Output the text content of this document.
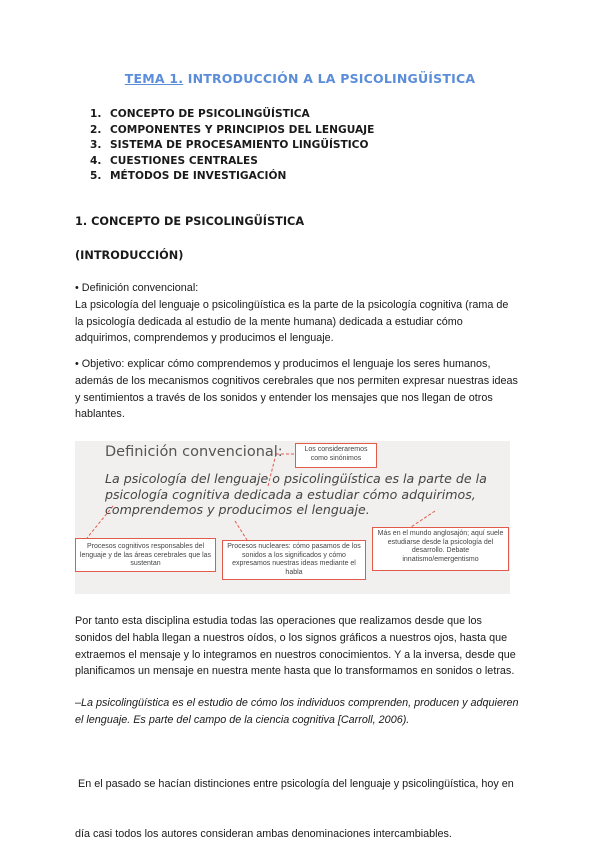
TEMA 1. INTRODUCCIÓN A LA PSICOLINGÜÍSTICA
1. CONCEPTO DE PSICOLINGÜÍSTICA
2. COMPONENTES Y PRINCIPIOS DEL LENGUAJE
3. SISTEMA DE PROCESAMIENTO LINGÜÍSTICO
4. CUESTIONES CENTRALES
5. MÉTODOS DE INVESTIGACIÓN
1. CONCEPTO DE PSICOLINGÜÍSTICA
(INTRODUCCIÓN)
• Definición convencional:
La psicología del lenguaje o psicolingüística es la parte de la psicología cognitiva (rama de
la psicología dedicada al estudio de la mente humana) dedicada a estudiar cómo
adquirimos, comprendemos y producimos el lenguaje.
• Objetivo: explicar cómo comprendemos y producimos el lenguaje los seres humanos,
además de los mecanismos cognitivos cerebrales que nos permiten expresar nuestras ideas
y sentimientos a través de los sonidos y entender los mensajes que nos llegan de otros
hablantes.
Definición convencional:
La psicología del lenguaje o psicolingüística es la parte de la psicología cognitiva dedicada a estudiar cómo adquirimos, comprendemos y producimos el lenguaje.
Los consideraremos como sinónimos
Procesos cognitivos responsables del lenguaje y de las áreas cerebrales que las sustentan
Procesos nucleares: cómo pasamos de los sonidos a los significados y cómo expresamos nuestras ideas mediante el habla
Más en el mundo anglosajón; aquí suele estudiarse desde la psicología del desarrollo. Debate innatismo/emergentismo
Por tanto esta disciplina estudia todas las operaciones que realizamos desde que los
sonidos del habla llegan a nuestros oídos, o los signos gráficos a nuestros ojos, hasta que
extraemos el mensaje y lo integramos en nuestros conocimientos. Y a la inversa, desde que
planificamos un mensaje en nuestra mente hasta que lo transformamos en sonidos o letras.
–La psicolingüística es el estudio de cómo los individuos comprenden, producen y adquieren
el lenguaje. Es parte del campo de la ciencia cognitiva [Carroll, 2006).

En el pasado se hacían distinciones entre psicología del lenguaje y psicolingüística, hoy en

día casi todos los autores consideran ambas denominaciones intercambiables.
